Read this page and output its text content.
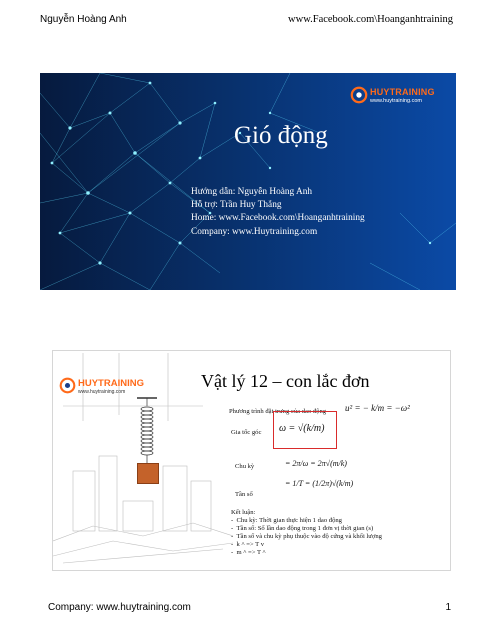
Nguyễn Hoàng Anh	www.Facebook.com\Hoanganhtraining
HUYTRAINING
www.huytraining.com
Gió động
Hướng dẫn: Nguyễn Hoàng Anh
Hỗ trợ: Trần Huy Thắng
Home: www.Facebook.com\Hoanganhtraining
Company: www.Huytraining.com
HUYTRAINING
www.huytraining.com
Vật lý 12 – con lắc đơn
Phương trình đặt trưng của dao động u² = − k/m = −ω²
Gia tốc góc ω = √(k/m)
Chu kỳ	= 2π/ω = 2π√(m/k)
= 1/T = (1/2π)√(k/m)
Tần số
Kết luận:
-  Chu kỳ: Thời gian thực hiện 1 dao động
-  Tần số: Số lần dao động trong 1 đơn vị thời gian (s)
-  Tần số và chu kỳ phụ thuộc vào độ cứng và khối lượng
-  k ^ => T v
-  m ^ => T ^
Company: www.huytraining.com	1
